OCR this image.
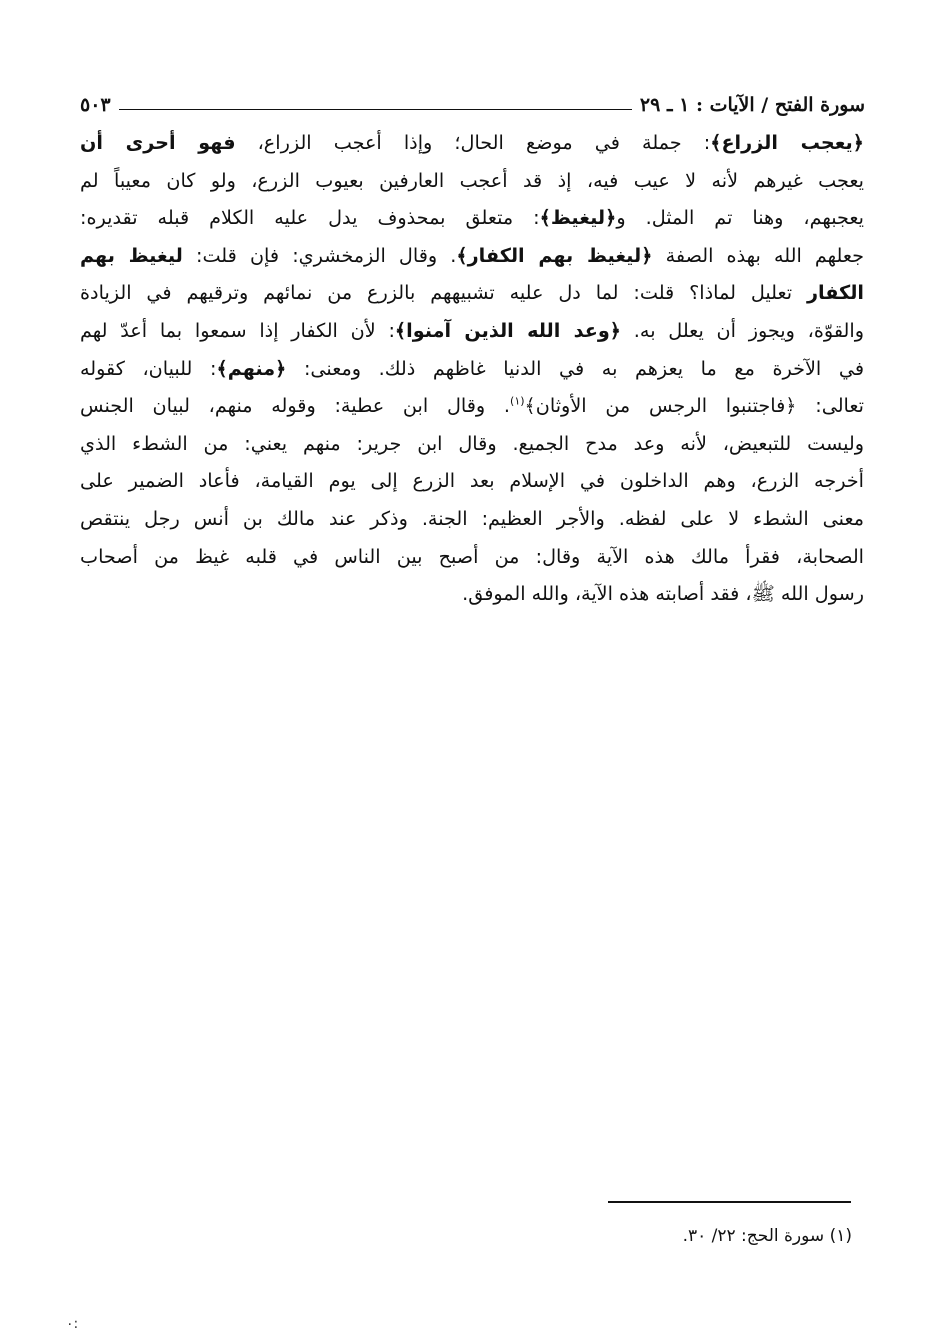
سورة الفتح / الآيات : ١ ـ ٢٩
٥٠٣
﴿يعجب الزراع﴾: جملة في موضع الحال؛ وإذا أعجب الزراع، فهو أحرى أن
يعجب غيرهم لأنه لا عيب فيه، إذ قد أعجب العارفين بعيوب الزرع، ولو كان معيباً لم
يعجبهم، وهنا تم المثل. و﴿ليغيظ﴾: متعلق بمحذوف يدل عليه الكلام قبله تقديره:
جعلهم الله بهذه الصفة ﴿ليغيظ بهم الكفار﴾. وقال الزمخشري: فإن قلت: ليغيظ بهم
الكفار تعليل لماذا؟ قلت: لما دل عليه تشبيههم بالزرع من نمائهم وترقيهم في الزيادة
والقوّة، ويجوز أن يعلل به. ﴿وعد الله الذين آمنوا﴾: لأن الكفار إذا سمعوا بما أعدّ لهم
في الآخرة مع ما يعزهم به في الدنيا غاظهم ذلك. ومعنى: ﴿منهم﴾: للبيان، كقوله
تعالى: ﴿فاجتنبوا الرجس من الأوثان﴾$^{(١)}$. وقال ابن عطية: وقوله منهم، لبيان الجنس
وليست للتبعيض، لأنه وعد مدح الجميع. وقال ابن جرير: منهم يعني: من الشطء الذي
أخرجه الزرع، وهم الداخلون في الإسلام بعد الزرع إلى يوم القيامة، فأعاد الضمير على
معنى الشطء لا على لفظه. والأجر العظيم: الجنة. وذكر عند مالك بن أنس رجل ينتقص
الصحابة، فقرأ مالك هذه الآية وقال: من أصبح بين الناس في قلبه غيظ من أصحاب
رسول الله ﷺ، فقد أصابته هذه الآية، والله الموفق.
(١) سورة الحج: ٢٢/ ٣٠.
٠:
